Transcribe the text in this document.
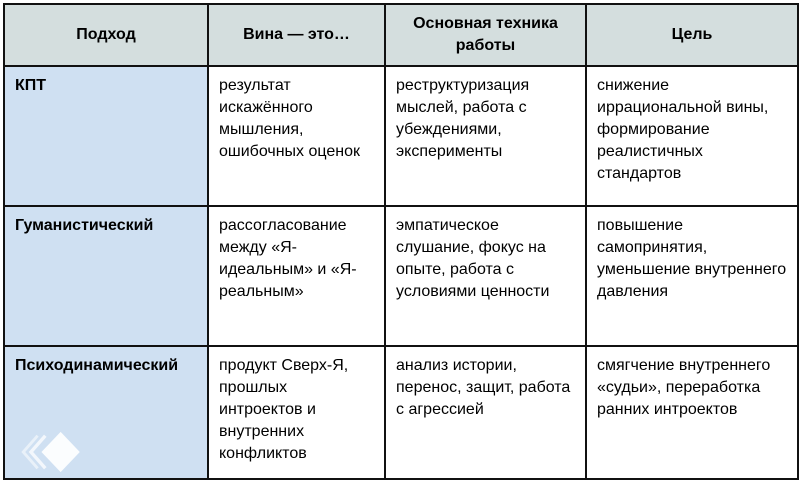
Подход	Вина — это…	Основная техника работы	Цель
КПТ	результат искажённого мышления, ошибочных оценок	реструктуризация мыслей, работа с убеждениями, эксперименты	снижение иррациональной вины, формирование реалистичных стандартов
Гуманистический	рассогласование между «Я-идеальным» и «Я-реальным»	эмпатическое слушание, фокус на опыте, работа с условиями ценности	повышение самопринятия, уменьшение внутреннего давления
Психодинамический	продукт Сверх-Я, прошлых интроектов и внутренних конфликтов	анализ истории, перенос, защит, работа с агрессией	смягчение внутреннего «судьи», переработка ранних интроектов
